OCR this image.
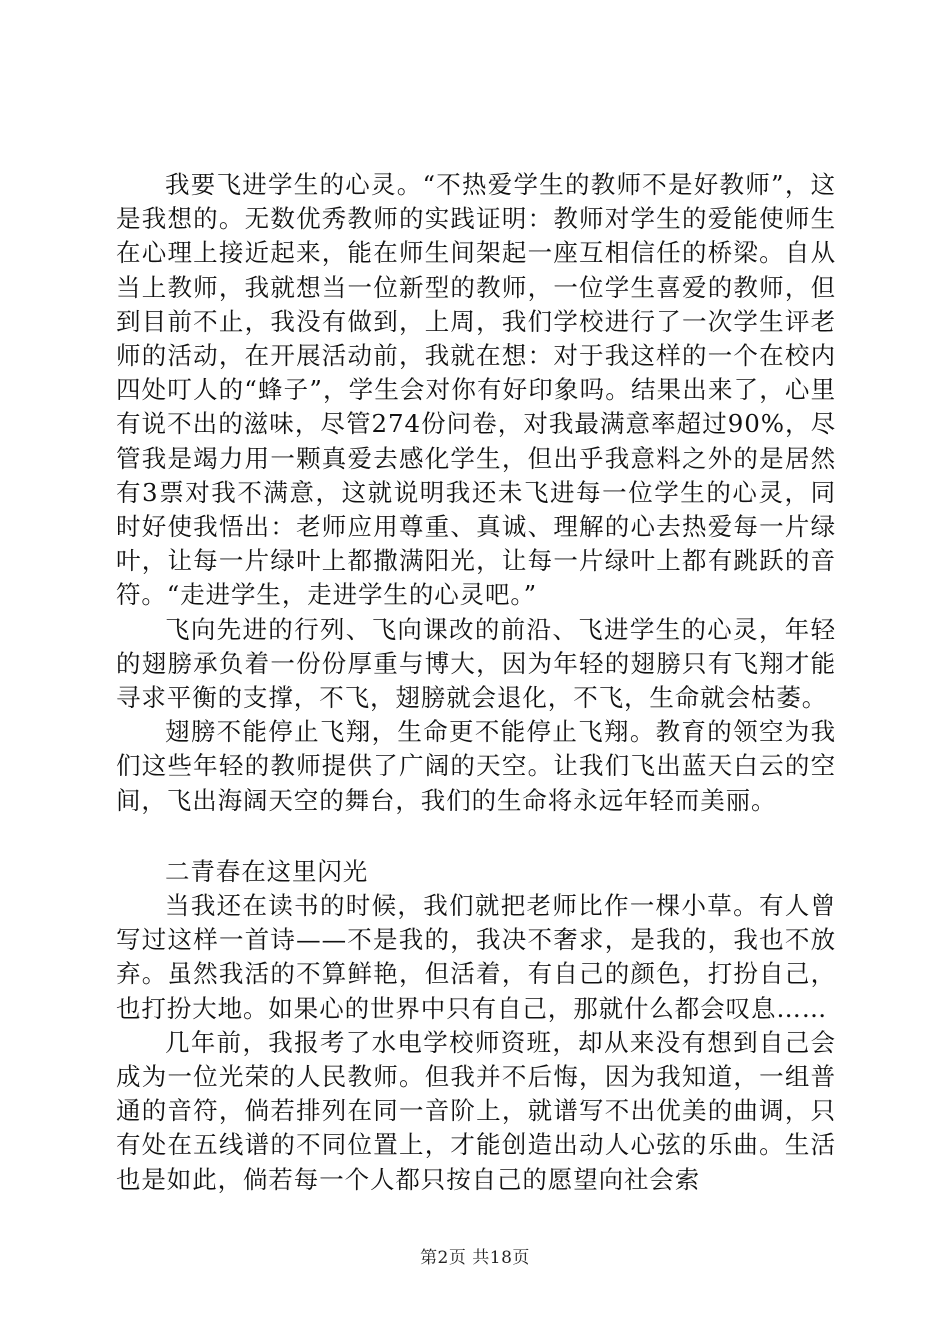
我要飞进学生的心灵。“不热爱学生的教师不是好教师”，这是我想的。无数优秀教师的实践证明：教师对学生的爱能使师生在心理上接近起来，能在师生间架起一座互相信任的桥梁。自从当上教师，我就想当一位新型的教师，一位学生喜爱的教师，但到目前不止，我没有做到，上周，我们学校进行了一次学生评老师的活动，在开展活动前，我就在想：对于我这样的一个在校内四处叮人的“蜂子”，学生会对你有好印象吗。结果出来了，心里有说不出的滋味，尽管274份问卷，对我最满意率超过90%，尽管我是竭力用一颗真爱去感化学生，但出乎我意料之外的是居然有3票对我不满意，这就说明我还未飞进每一位学生的心灵，同时好使我悟出：老师应用尊重、真诚、理解的心去热爱每一片绿叶，让每一片绿叶上都撒满阳光，让每一片绿叶上都有跳跃的音符。“走进学生，走进学生的心灵吧。”

飞向先进的行列、飞向课改的前沿、飞进学生的心灵，年轻的翅膀承负着一份份厚重与博大，因为年轻的翅膀只有飞翔才能寻求平衡的支撑，不飞，翅膀就会退化，不飞，生命就会枯萎。

翅膀不能停止飞翔，生命更不能停止飞翔。教育的领空为我们这些年轻的教师提供了广阔的天空。让我们飞出蓝天白云的空间，飞出海阔天空的舞台，我们的生命将永远年轻而美丽。

二青春在这里闪光

当我还在读书的时候，我们就把老师比作一棵小草。有人曾写过这样一首诗——不是我的，我决不奢求，是我的，我也不放弃。虽然我活的不算鲜艳，但活着，有自己的颜色，打扮自己，也打扮大地。如果心的世界中只有自己，那就什么都会叹息……

几年前，我报考了水电学校师资班，却从来没有想到自己会成为一位光荣的人民教师。但我并不后悔，因为我知道，一组普通的音符，倘若排列在同一音阶上，就谱写不出优美的曲调，只有处在五线谱的不同位置上，才能创造出动人心弦的乐曲。生活也是如此，倘若每一个人都只按自己的愿望向社会索

第2页 共18页
